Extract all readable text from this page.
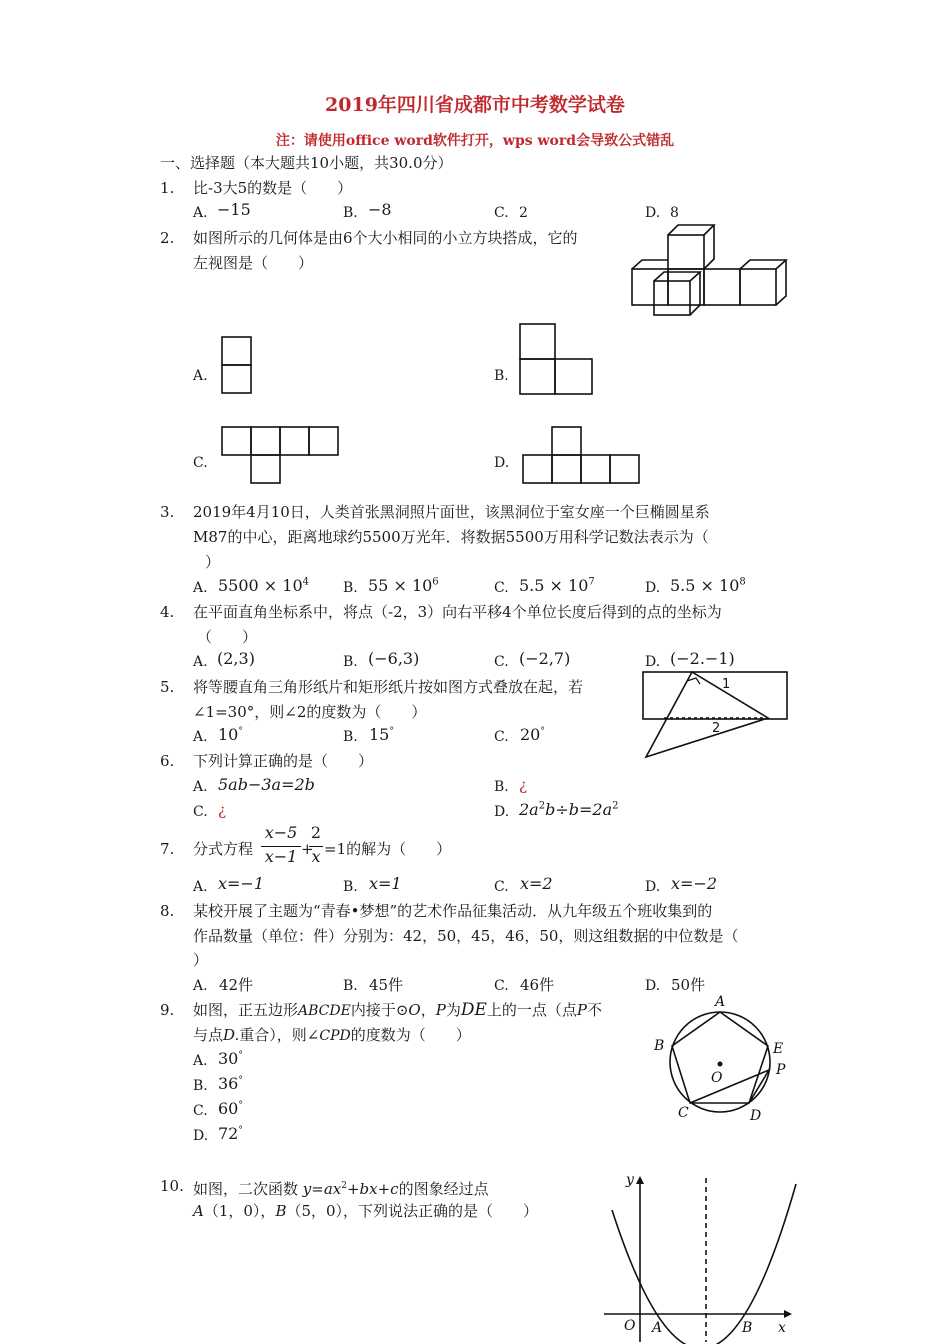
2019年四川省成都市中考数学试卷
注：请使用office word软件打开，wps word会导致公式错乱
一、选择题（本大题共10小题，共30.0分）
1. 比-3大5的数是（　　）
A. −15	B. −8	C. 2	D. 8
2. 如图所示的几何体是由6个大小相同的小立方块搭成，它的
左视图是（　　）
A.	B.
C.	D.
3. 2019年4月10日，人类首张黑洞照片面世，该黑洞位于室女座一个巨椭圆星系
M87的中心，距离地球约5500万光年．将数据5500万用科学记数法表示为（
）
A. $5500 \times 10^4$ B. $55 \times 10^6$	C. $5.5 \times 10^7$	D. $5.5 \times 10^8$
4. 在平面直角坐标系中，将点（-2，3）向右平移4个单位长度后得到的点的坐标为
（　　）
A. (2,3)	B. (−6,3)	C. (−2,7)	D. (−2.−1)
5. 将等腰直角三角形纸片和矩形纸片按如图方式叠放在起，若
∠1=30°，则∠2的度数为（　　）
A. 10°	B. 15°	C. 20°
1
2
6. 下列计算正确的是（　　）
A. 5ab−3a=2b	B. ¿
C. ¿	D. $2a^2b\div b=2a^2$
7. 分式方程
x−5
x−1 +
2
x =1的解为（　　）
A. x=−1	B. x=1	C. x=2	D. x=−2
8. 某校开展了主题为“青春•梦想”的艺术作品征集活动．从九年级五个班收集到的
作品数量（单位：件）分别为：42，50，45，46，50，则这组数据的中位数是（
）
A. 42件	B. 45件	C. 46件	D. 50件
9. 如图，正五边形ABCDE内接于⊙O，P为DE上的一点（点P不
与点D.重合），则∠CPD的度数为（　　）
A. 30°
B. 36°
C. 60°
D. 72°
A
B	E
P
C	D
O
10. 如图，二次函数 $y=ax^2+bx+c$的图象经过点
A（1，0），B（5，0），下列说法正确的是（　　）
y
x
O A	B
